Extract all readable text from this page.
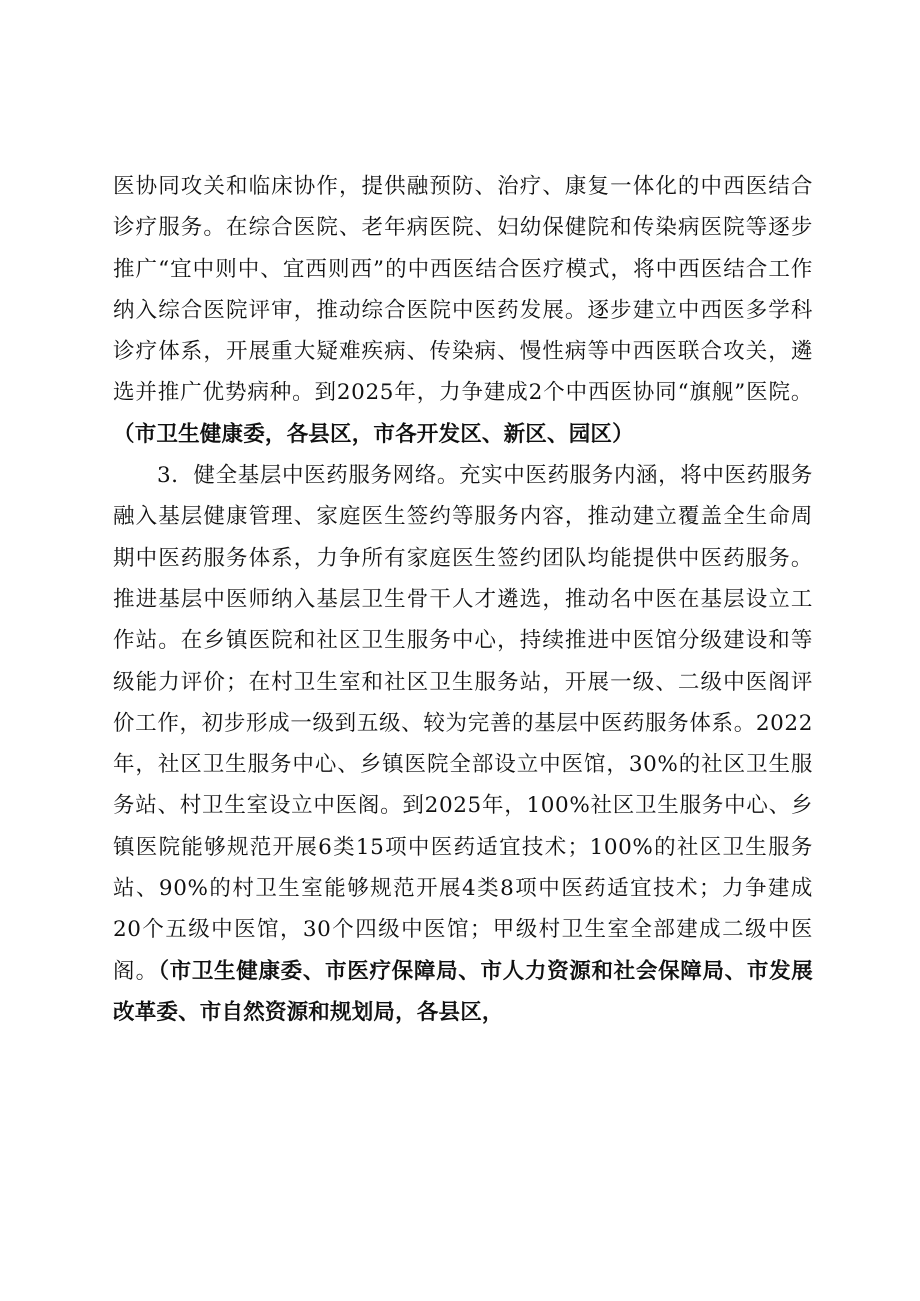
医协同攻关和临床协作，提供融预防、治疗、康复一体化的中西医结合诊疗服务。在综合医院、老年病医院、妇幼保健院和传染病医院等逐步推广“宜中则中、宜西则西”的中西医结合医疗模式，将中西医结合工作纳入综合医院评审，推动综合医院中医药发展。逐步建立中西医多学科诊疗体系，开展重大疑难疾病、传染病、慢性病等中西医联合攻关，遴选并推广优势病种。到2025年，力争建成2个中西医协同“旗舰”医院。（市卫生健康委，各县区，市各开发区、新区、园区）

3．健全基层中医药服务网络。充实中医药服务内涵，将中医药服务融入基层健康管理、家庭医生签约等服务内容，推动建立覆盖全生命周期中医药服务体系，力争所有家庭医生签约团队均能提供中医药服务。推进基层中医师纳入基层卫生骨干人才遴选，推动名中医在基层设立工作站。在乡镇医院和社区卫生服务中心，持续推进中医馆分级建设和等级能力评价；在村卫生室和社区卫生服务站，开展一级、二级中医阁评价工作，初步形成一级到五级、较为完善的基层中医药服务体系。2022年，社区卫生服务中心、乡镇医院全部设立中医馆，30%的社区卫生服务站、村卫生室设立中医阁。到2025年，100%社区卫生服务中心、乡镇医院能够规范开展6类15项中医药适宜技术；100%的社区卫生服务站、90%的村卫生室能够规范开展4类8项中医药适宜技术；力争建成20个五级中医馆，30个四级中医馆；甲级村卫生室全部建成二级中医阁。（市卫生健康委、市医疗保障局、市人力资源和社会保障局、市发展改革委、市自然资源和规划局，各县区，
